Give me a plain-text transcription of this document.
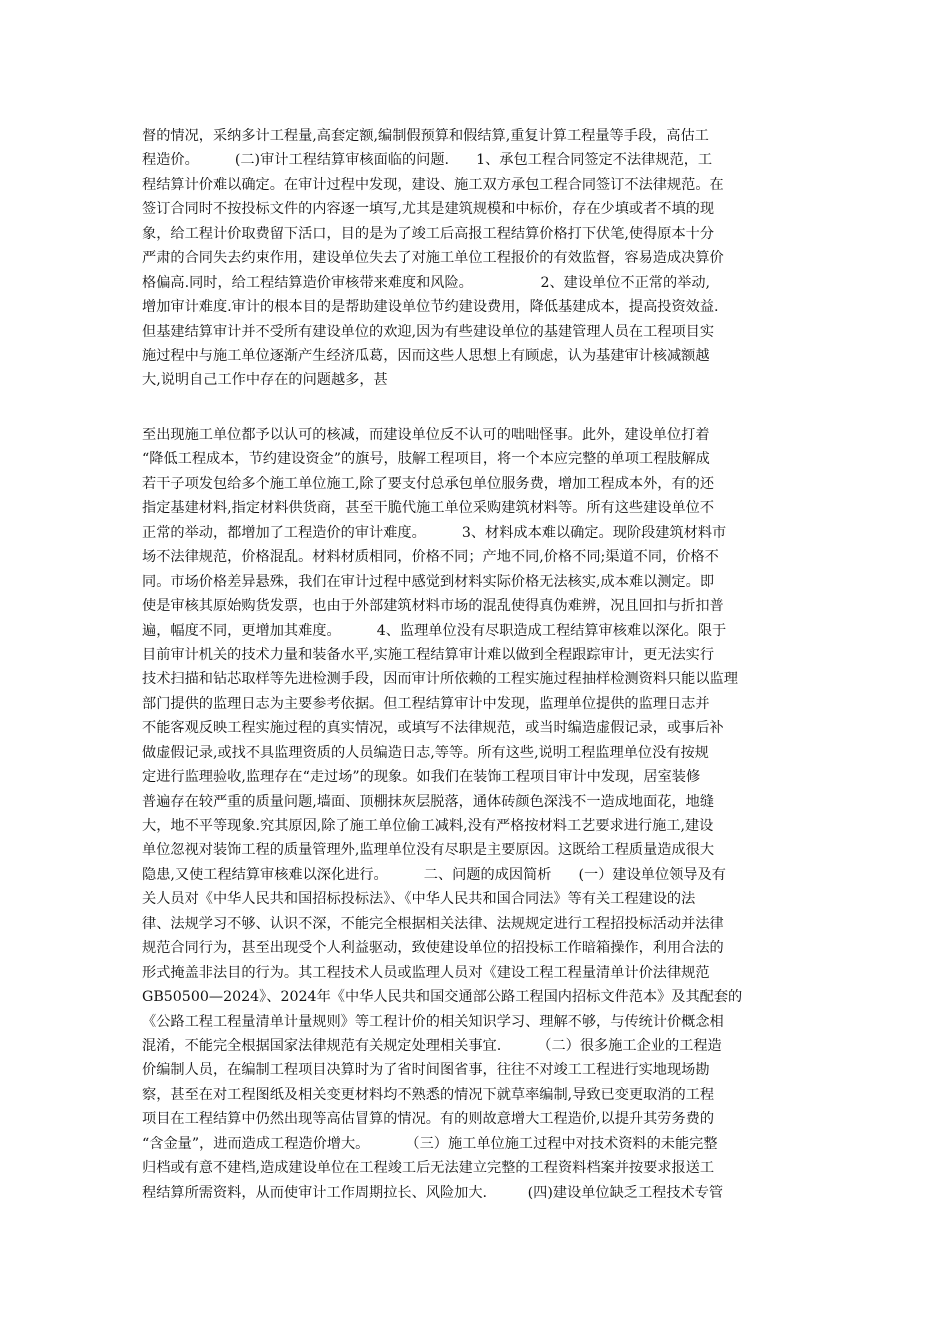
督的情况，采纳多计工程量,高套定额,编制假预算和假结算,重复计算工程量等手段，高估工
程造价。        (二)审计工程结算审核面临的问题.      1、承包工程合同签定不法律规范，工
程结算计价难以确定。在审计过程中发现，建设、施工双方承包工程合同签订不法律规范。在
签订合同时不按投标文件的内容逐一填写,尤其是建筑规模和中标价，存在少填或者不填的现
象，给工程计价取费留下活口，目的是为了竣工后高报工程结算价格打下伏笔,使得原本十分
严肃的合同失去约束作用，建设单位失去了对施工单位工程报价的有效监督，容易造成决算价
格偏高.同时，给工程结算造价审核带来难度和风险。               2、建设单位不正常的举动,
增加审计难度.审计的根本目的是帮助建设单位节约建设费用，降低基建成本，提高投资效益.
但基建结算审计并不受所有建设单位的欢迎,因为有些建设单位的基建管理人员在工程项目实
施过程中与施工单位逐渐产生经济瓜葛，因而这些人思想上有顾虑，认为基建审计核减额越
大,说明自己工作中存在的问题越多，甚
至出现施工单位都予以认可的核减，而建设单位反不认可的咄咄怪事。此外，建设单位打着
“降低工程成本，节约建设资金”的旗号，肢解工程项目，将一个本应完整的单项工程肢解成
若干子项发包给多个施工单位施工,除了要支付总承包单位服务费，增加工程成本外，有的还
指定基建材料,指定材料供货商，甚至干脆代施工单位采购建筑材料等。所有这些建设单位不
正常的举动，都增加了工程造价的审计难度。        3、材料成本难以确定。现阶段建筑材料市
场不法律规范，价格混乱。材料材质相同，价格不同；产地不同,价格不同;渠道不同，价格不
同。市场价格差异悬殊，我们在审计过程中感觉到材料实际价格无法核实,成本难以测定。即
使是审核其原始购货发票，也由于外部建筑材料市场的混乱使得真伪难辨，况且回扣与折扣普
遍，幅度不同，更增加其难度。        4、监理单位没有尽职造成工程结算审核难以深化。限于
目前审计机关的技术力量和装备水平,实施工程结算审计难以做到全程跟踪审计，更无法实行
技术扫描和钻芯取样等先进检测手段，因而审计所依赖的工程实施过程抽样检测资料只能以监理
部门提供的监理日志为主要参考依据。但工程结算审计中发现，监理单位提供的监理日志并
不能客观反映工程实施过程的真实情况，或填写不法律规范，或当时编造虚假记录，或事后补
做虚假记录,或找不具监理资质的人员编造日志,等等。所有这些,说明工程监理单位没有按规
定进行监理验收,监理存在“走过场”的现象。如我们在装饰工程项目审计中发现，居室装修
普遍存在较严重的质量问题,墙面、顶棚抹灰层脱落，通体砖颜色深浅不一造成地面花，地缝
大，地不平等现象.究其原因,除了施工单位偷工减料,没有严格按材料工艺要求进行施工,建设
单位忽视对装饰工程的质量管理外,监理单位没有尽职是主要原因。这既给工程质量造成很大
隐患,又使工程结算审核难以深化进行。        二、问题的成因简析      (一）建设单位领导及有
关人员对《中华人民共和国招标投标法》、《中华人民共和国合同法》等有关工程建设的法
律、法规学习不够、认识不深，不能完全根据相关法律、法规规定进行工程招投标活动并法律
规范合同行为，甚至出现受个人利益驱动，致使建设单位的招投标工作暗箱操作，利用合法的
形式掩盖非法目的行为。其工程技术人员或监理人员对《建设工程工程量清单计价法律规范
GB50500—2024》、2024年《中华人民共和国交通部公路工程国内招标文件范本》及其配套的
《公路工程工程量清单计量规则》等工程计价的相关知识学习、理解不够，与传统计价概念相
混淆，不能完全根据国家法律规范有关规定处理相关事宜.        （二）很多施工企业的工程造
价编制人员，在编制工程项目决算时为了省时间图省事，往往不对竣工工程进行实地现场勘
察，甚至在对工程图纸及相关变更材料均不熟悉的情况下就草率编制,导致已变更取消的工程
项目在工程结算中仍然出现等高估冒算的情况。有的则故意增大工程造价,以提升其劳务费的
“含金量”，进而造成工程造价增大。        （三）施工单位施工过程中对技术资料的未能完整
归档或有意不建档,造成建设单位在工程竣工后无法建立完整的工程资料档案并按要求报送工
程结算所需资料，从而使审计工作周期拉长、风险加大.         (四)建设单位缺乏工程技术专管
